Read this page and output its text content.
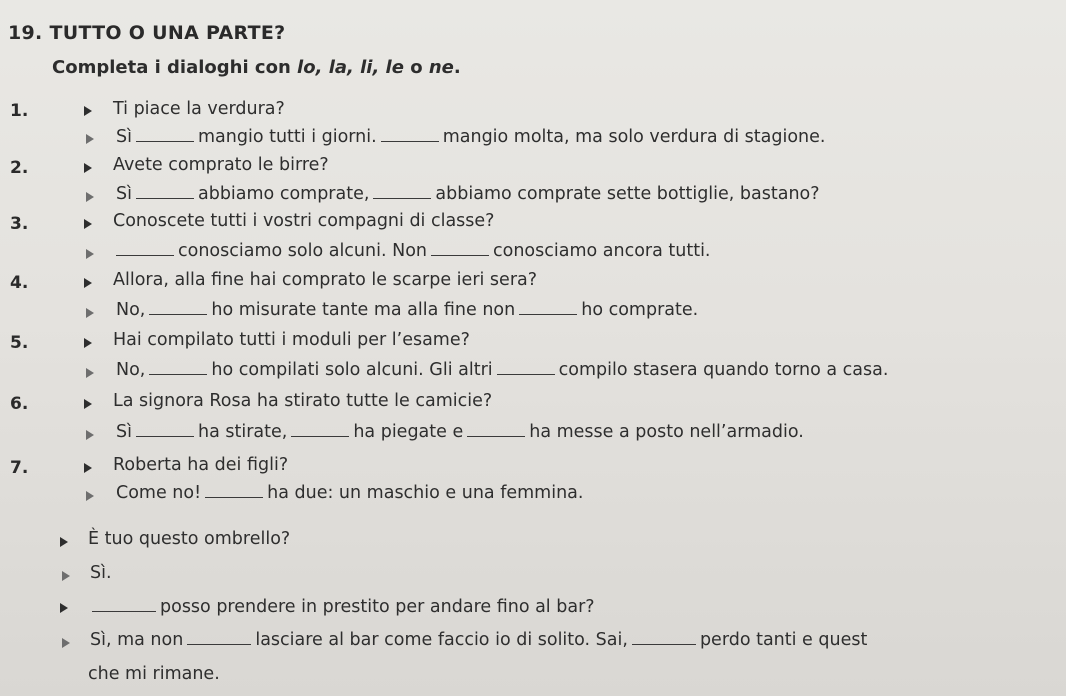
19. TUTTO O UNA PARTE?
Completa i dialoghi con lo, la, li, le o ne.
1.	Ti piace la verdura?
Sì	mangio tutti i giorni.	mangio molta, ma solo verdura di stagione.
2.	Avete comprato le birre?
Sì	abbiamo comprate,	abbiamo comprate sette bottiglie, bastano?
3.	Conoscete tutti i vostri compagni di classe?
conosciamo solo alcuni. Non	conosciamo ancora tutti.
4.	Allora, alla fine hai comprato le scarpe ieri sera?
No,	ho misurate tante ma alla fine non	ho comprate.
5.	Hai compilato tutti i moduli per l’esame?
No,	ho compilati solo alcuni. Gli altri	compilo stasera quando torno a casa.
6.	La signora Rosa ha stirato tutte le camicie?
Sì	ha stirate,	ha piegate e	ha messe a posto nell’armadio.
7.	Roberta ha dei figli?
Come no!	ha due: un maschio e una femmina.
È tuo questo ombrello?
Sì.
posso prendere in prestito per andare fino al bar?
Sì, ma non	lasciare al bar come faccio io di solito. Sai,	perdo tanti e quest
che mi rimane.
